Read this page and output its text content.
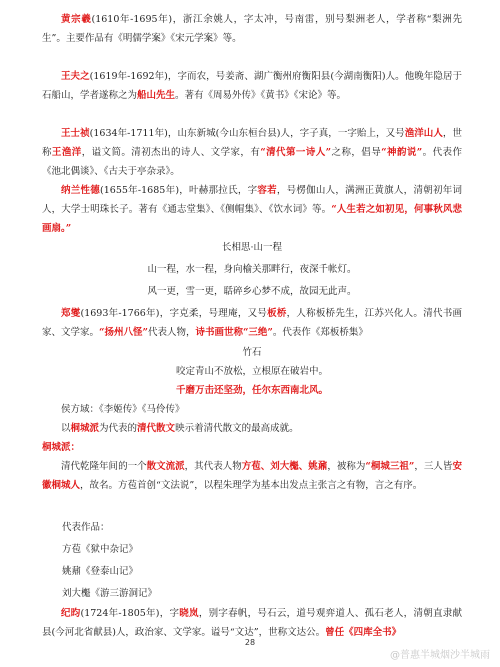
黄宗羲(1610年-1695年)，浙江余姚人，字太冲，号南雷，别号梨洲老人，学者称“梨洲先生”。主要作品有《明儒学案》《宋元学案》等。

王夫之(1619年-1692年)，字而农，号姜斋、湖广衡州府衡阳县(今湖南衡阳)人。他晚年隐居于石船山，学者遂称之为船山先生。著有《周易外传》《黄书》《宋论》等。

王士祯(1634年-1711年)，山东新城(今山东桓台县)人，字子真，一字贻上，又号渔洋山人，世称王渔洋，谥文简。清初杰出的诗人、文学家，有“清代第一诗人”之称，倡导“神韵说”。代表作《池北偶谈》、《古夫于亭杂录》。

纳兰性德(1655年-1685年)，叶赫那拉氏，字容若，号楞伽山人，满洲正黄旗人，清朝初年词人，大学士明珠长子。著有《通志堂集》、《侧帽集》、《饮水词》等。“人生若之如初见，何事秋风悲画扇。”

长相思·山一程

山一程，水一程，身向榆关那畔行，夜深千帐灯。

风一更，雪一更，聒碎乡心梦不成，故园无此声。

郑燮(1693年-1766年)，字克柔，号理庵，又号板桥，人称板桥先生，江苏兴化人。清代书画家、文学家。“扬州八怪”代表人物，诗书画世称“三绝”。代表作《郑板桥集》

竹石

咬定青山不放松，立根原在破岩中。

千磨万击还坚劲，任尔东西南北风。

侯方域：《李姬传》《马伶传》

以桐城派为代表的清代散文映示着清代散文的最高成就。

桐城派：

清代乾隆年间的一个散文流派，其代表人物方苞、刘大櫆、姚鼐，被称为“桐城三祖”，三人皆安徽桐城人，故名。方苞首创“文法说”，以程朱理学为基本出发点主张言之有物，言之有序。

代表作品：

方苞《狱中杂记》

姚鼐《登泰山记》

刘大櫆《游三游洞记》

纪昀(1724年-1805年)，字晓岚，别字春帆，号石云，道号观弈道人、孤石老人，清朝直隶献县(今河北省献县)人，政治家、文学家。谥号“文达”，世称文达公。曾任《四库全书》

28
@普惠半城烟沙半城雨
